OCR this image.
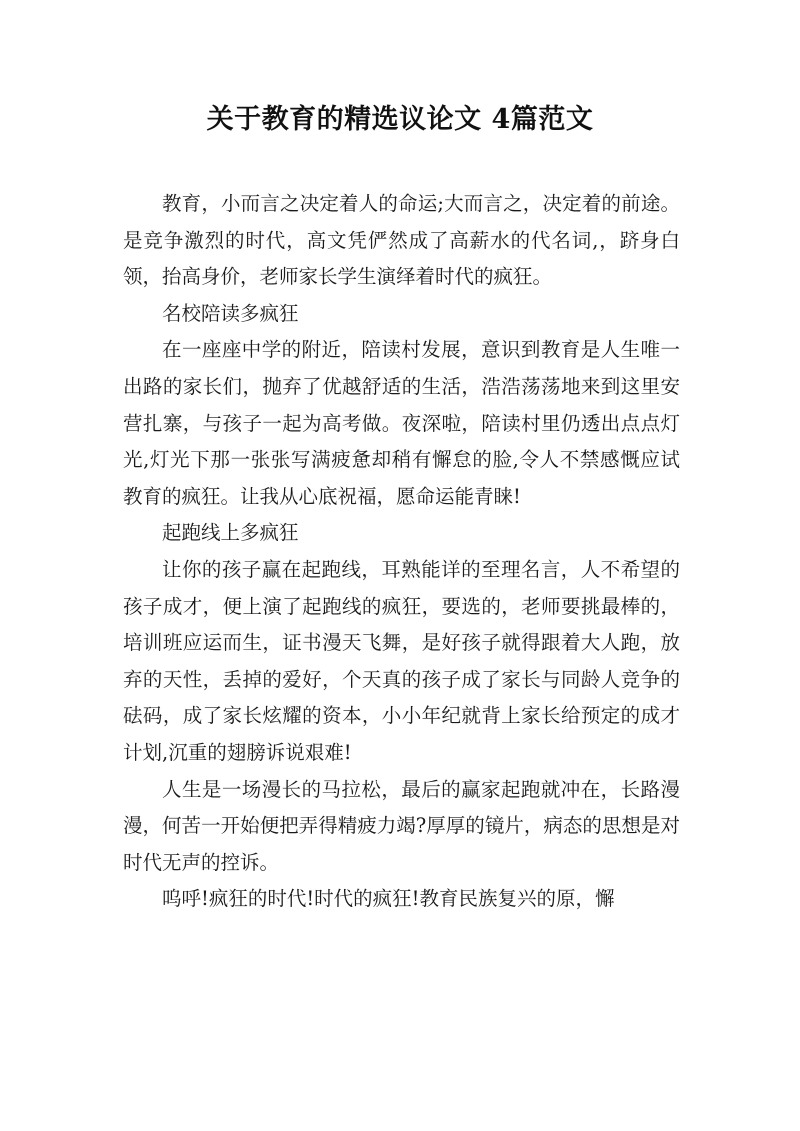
关于教育的精选议论文 4篇范文

教育，小而言之决定着人的命运;大而言之，决定着的前途。是竞争激烈的时代，高文凭俨然成了高薪水的代名词,，跻身白领，抬高身价，老师家长学生演绎着时代的疯狂。

名校陪读多疯狂

在一座座中学的附近，陪读村发展，意识到教育是人生唯一出路的家长们，抛弃了优越舒适的生活，浩浩荡荡地来到这里安营扎寨，与孩子一起为高考做。夜深啦，陪读村里仍透出点点灯光,灯光下那一张张写满疲惫却稍有懈怠的脸,令人不禁感慨应试教育的疯狂。让我从心底祝福，愿命运能青睐!

起跑线上多疯狂

让你的孩子赢在起跑线，耳熟能详的至理名言，人不希望的孩子成才，便上演了起跑线的疯狂，要选的，老师要挑最棒的，培训班应运而生，证书漫天飞舞，是好孩子就得跟着大人跑，放弃的天性，丢掉的爱好，个天真的孩子成了家长与同龄人竞争的砝码，成了家长炫耀的资本，小小年纪就背上家长给预定的成才计划,沉重的翅膀诉说艰难!

人生是一场漫长的马拉松，最后的赢家起跑就冲在，长路漫漫，何苦一开始便把弄得精疲力竭?厚厚的镜片，病态的思想是对时代无声的控诉。

呜呼!疯狂的时代!时代的疯狂!教育民族复兴的原，懈
